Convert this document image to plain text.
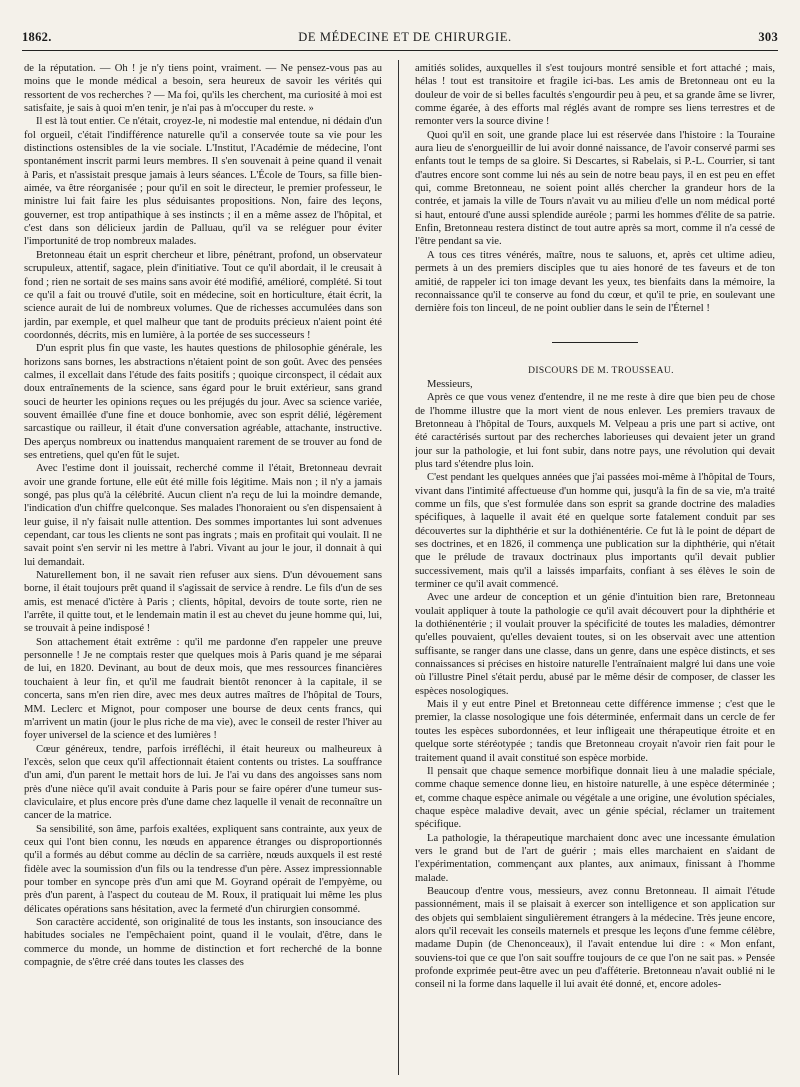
1862.	DE MÉDECINE ET DE CHIRURGIE.	303

de la réputation. — Oh ! je n'y tiens point, vraiment. — Ne pensez-vous pas au moins que le monde médical a besoin, sera heureux de savoir les vérités qui ressortent de vos recherches ? — Ma foi, qu'ils les cherchent, ma curiosité à moi est satisfaite, je sais à quoi m'en tenir, je n'ai pas à m'occuper du reste. »

Il est là tout entier. Ce n'était, croyez-le, ni modestie mal entendue, ni dédain d'un fol orgueil, c'était l'indifférence naturelle qu'il a conservée toute sa vie pour les distinctions ostensibles de la vie sociale. L'Institut, l'Académie de médecine, l'ont spontanément inscrit parmi leurs membres. Il s'en souvenait à peine quand il venait à Paris, et n'assistait presque jamais à leurs séances. L'École de Tours, sa fille bien-aimée, va être réorganisée ; pour qu'il en soit le directeur, le premier professeur, le ministre lui fait faire les plus séduisantes propositions. Non, faire des leçons, gouverner, est trop antipathique à ses instincts ; il en a même assez de l'hôpital, et c'est dans son délicieux jardin de Palluau, qu'il va se reléguer pour éviter l'importunité de trop nombreux malades.

Bretonneau était un esprit chercheur et libre, pénétrant, profond, un observateur scrupuleux, attentif, sagace, plein d'initiative. Tout ce qu'il abordait, il le creusait à fond ; rien ne sortait de ses mains sans avoir été modifié, amélioré, complété. Si tout ce qu'il a fait ou trouvé d'utile, soit en médecine, soit en horticulture, était écrit, la science aurait de lui de nombreux volumes. Que de richesses accumulées dans son jardin, par exemple, et quel malheur que tant de produits précieux n'aient point été coordonnés, décrits, mis en lumière, à la portée de ses successeurs !

D'un esprit plus fin que vaste, les hautes questions de philosophie générale, les horizons sans bornes, les abstractions n'étaient point de son goût. Avec des pensées calmes, il excellait dans l'étude des faits positifs ; quoique circonspect, il cédait aux doux entraînements de la science, sans égard pour le bruit extérieur, sans grand souci de heurter les opinions reçues ou les préjugés du jour. Avec sa science variée, souvent émaillée d'une fine et douce bonhomie, avec son esprit délié, légèrement sarcastique ou railleur, il était d'une conversation agréable, attachante, instructive. Des aperçus nombreux ou inattendus manquaient rarement de se trouver au fond de ses entretiens, quel qu'en fût le sujet.

Avec l'estime dont il jouissait, recherché comme il l'était, Bretonneau devrait avoir une grande fortune, elle eût été mille fois légitime. Mais non ; il n'y a jamais songé, pas plus qu'à la célébrité. Aucun client n'a reçu de lui la moindre demande, l'indication d'un chiffre quelconque. Ses malades l'honoraient ou s'en dispensaient à leur guise, il n'y faisait nulle attention. Des sommes importantes lui sont advenues cependant, car tous les clients ne sont pas ingrats ; mais en profitait qui voulait. Il ne savait point s'en servir ni les mettre à l'abri. Vivant au jour le jour, il donnait à qui lui demandait.

Naturellement bon, il ne savait rien refuser aux siens. D'un dévouement sans borne, il était toujours prêt quand il s'agissait de service à rendre. Le fils d'un de ses amis, est menacé d'ictère à Paris ; clients, hôpital, devoirs de toute sorte, rien ne l'arrête, il quitte tout, et le lendemain matin il est au chevet du jeune homme qui, lui, se trouvait à peine indisposé !

Son attachement était extrême : qu'il me pardonne d'en rappeler une preuve personnelle ! Je ne comptais rester que quelques mois à Paris quand je me séparai de lui, en 1820. Devinant, au bout de deux mois, que mes ressources financières touchaient à leur fin, et qu'il me faudrait bientôt renoncer à la capitale, il se concerta, sans m'en rien dire, avec mes deux autres maîtres de l'hôpital de Tours, MM. Leclerc et Mignot, pour composer une bourse de deux cents francs, qui m'arrivent un matin (jour le plus riche de ma vie), avec le conseil de rester l'hiver au foyer universel de la science et des lumières !

Cœur généreux, tendre, parfois irréfléchi, il était heureux ou malheureux à l'excès, selon que ceux qu'il affectionnait étaient contents ou tristes. La souffrance d'un ami, d'un parent le mettait hors de lui. Je l'ai vu dans des angoisses sans nom près d'une nièce qu'il avait conduite à Paris pour se faire opérer d'une tumeur sus-claviculaire, et plus encore près d'une dame chez laquelle il venait de reconnaître un cancer de la matrice.

Sa sensibilité, son âme, parfois exaltées, expliquent sans contrainte, aux yeux de ceux qui l'ont bien connu, les nœuds en apparence étranges ou disproportionnés qu'il a formés au début comme au déclin de sa carrière, nœuds auxquels il est resté fidèle avec la soumission d'un fils ou la tendresse d'un père. Assez impressionnable pour tomber en syncope près d'un ami que M. Goyrand opérait de l'empyème, ou près d'un parent, à l'aspect du couteau de M. Roux, il pratiquait lui même les plus délicates opérations sans hésitation, avec la fermeté d'un chirurgien consommé.

Son caractère accidenté, son originalité de tous les instants, son insouciance des habitudes sociales ne l'empêchaient point, quand il le voulait, d'être, dans le commerce du monde, un homme de distinction et fort recherché de la bonne compagnie, de s'être créé dans toutes les classes des

amitiés solides, auxquelles il s'est toujours montré sensible et fort attaché ; mais, hélas ! tout est transitoire et fragile ici-bas. Les amis de Bretonneau ont eu la douleur de voir de si belles facultés s'engourdir peu à peu, et sa grande âme se livrer, comme égarée, à des efforts mal réglés avant de rompre ses liens terrestres et de remonter vers la source divine !

Quoi qu'il en soit, une grande place lui est réservée dans l'histoire : la Touraine aura lieu de s'enorgueillir de lui avoir donné naissance, de l'avoir conservé parmi ses enfants tout le temps de sa gloire. Si Descartes, si Rabelais, si P.-L. Courrier, si tant d'autres encore sont comme lui nés au sein de notre beau pays, il en est peu en effet qui, comme Bretonneau, ne soient point allés chercher la grandeur hors de la contrée, et jamais la ville de Tours n'avait vu au milieu d'elle un nom médical porté si haut, entouré d'une aussi splendide auréole ; parmi les hommes d'élite de sa patrie. Enfin, Bretonneau restera distinct de tout autre après sa mort, comme il n'a cessé de l'être pendant sa vie.

A tous ces titres vénérés, maître, nous te saluons, et, après cet ultime adieu, permets à un des premiers disciples que tu aies honoré de tes faveurs et de ton amitié, de rappeler ici ton image devant les yeux, tes bienfaits dans la mémoire, la reconnaissance qu'il te conserve au fond du cœur, et qu'il te prie, en soulevant une dernière fois ton linceul, de ne point oublier dans le sein de l'Éternel !

DISCOURS DE M. TROUSSEAU.

Messieurs,

Après ce que vous venez d'entendre, il ne me reste à dire que bien peu de chose de l'homme illustre que la mort vient de nous enlever. Les premiers travaux de Bretonneau à l'hôpital de Tours, auxquels M. Velpeau a pris une part si active, ont été caractérisés surtout par des recherches laborieuses qui devaient jeter un grand jour sur la pathologie, et lui font subir, dans notre pays, une révolution qui devait plus tard s'étendre plus loin.

C'est pendant les quelques années que j'ai passées moi-même à l'hôpital de Tours, vivant dans l'intimité affectueuse d'un homme qui, jusqu'à la fin de sa vie, m'a traité comme un fils, que s'est formulée dans son esprit sa grande doctrine des maladies spécifiques, à laquelle il avait été en quelque sorte fatalement conduit par ses découvertes sur la diphthérie et sur la dothiénentérie. Ce fut là le point de départ de ses doctrines, et en 1826, il commença une publication sur la diphthérie, qui n'était que le prélude de travaux doctrinaux plus importants qu'il devait publier successivement, mais qu'il a laissés imparfaits, confiant à ses élèves le soin de terminer ce qu'il avait commencé.

Avec une ardeur de conception et un génie d'intuition bien rare, Bretonneau voulait appliquer à toute la pathologie ce qu'il avait découvert pour la diphthérie et la dothiénentérie ; il voulait prouver la spécificité de toutes les maladies, démontrer qu'elles pouvaient, qu'elles devaient toutes, si on les observait avec une attention suffisante, se ranger dans une classe, dans un genre, dans une espèce distincts, et ses connaissances si précises en histoire naturelle l'entraînaient malgré lui dans une voie où l'illustre Pinel s'était perdu, abusé par le même désir de composer, de classer les espèces nosologiques.

Mais il y eut entre Pinel et Bretonneau cette différence immense ; c'est que le premier, la classe nosologique une fois déterminée, enfermait dans un cercle de fer toutes les espèces subordonnées, et leur infligeait une thérapeutique étroite et en quelque sorte stéréotypée ; tandis que Bretonneau croyait n'avoir rien fait pour le traitement quand il avait constitué son espèce morbide.

Il pensait que chaque semence morbifique donnait lieu à une maladie spéciale, comme chaque semence donne lieu, en histoire naturelle, à une espèce déterminée ; et, comme chaque espèce animale ou végétale a une origine, une évolution spéciales, chaque espèce maladive devait, avec un génie spécial, réclamer un traitement spécifique.

La pathologie, la thérapeutique marchaient donc avec une incessante émulation vers le grand but de l'art de guérir ; mais elles marchaient en s'aidant de l'expérimentation, commençant aux plantes, aux animaux, finissant à l'homme malade.

Beaucoup d'entre vous, messieurs, avez connu Bretonneau. Il aimait l'étude passionnément, mais il se plaisait à exercer son intelligence et son application sur des objets qui semblaient singulièrement étrangers à la médecine. Très jeune encore, alors qu'il recevait les conseils maternels et presque les leçons d'une femme célèbre, madame Dupin (de Chenonceaux), il l'avait entendue lui dire : « Mon enfant, souviens-toi que ce que l'on sait souffre toujours de ce que l'on ne sait pas. » Pensée profonde exprimée peut-être avec un peu d'afféterie. Bretonneau n'avait oublié ni le conseil ni la forme dans laquelle il lui avait été donné, et, encore adoles-
